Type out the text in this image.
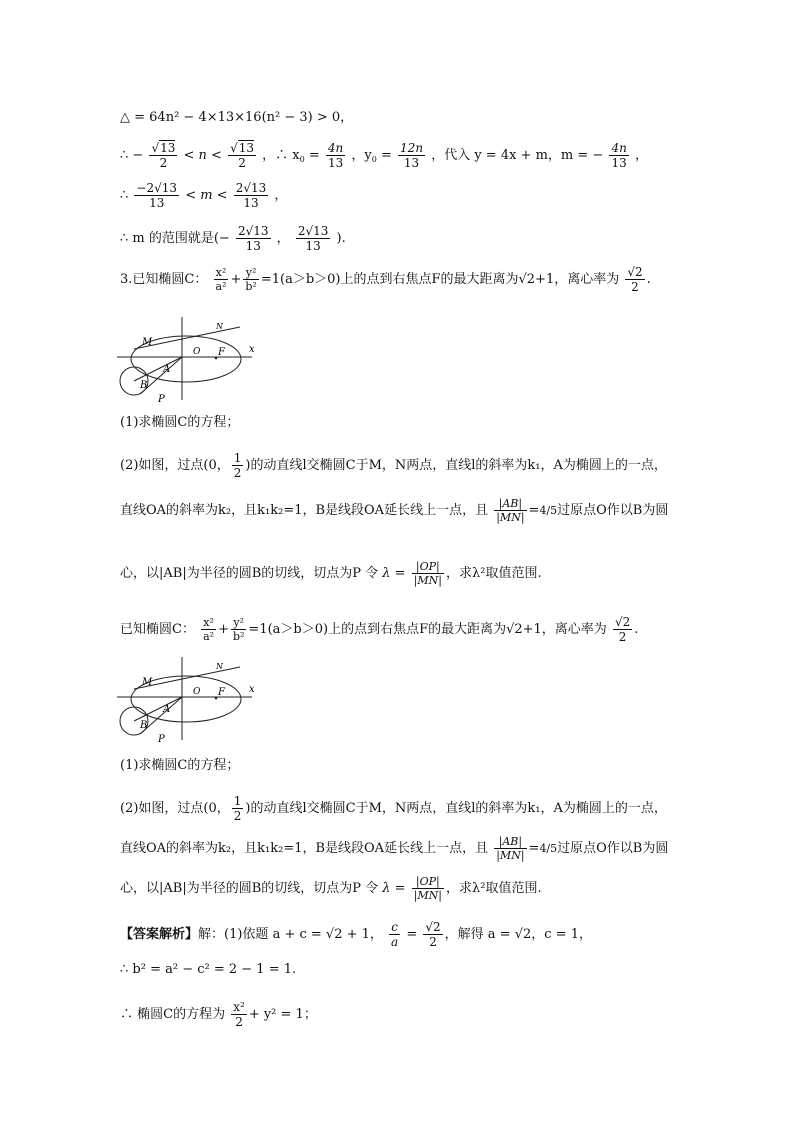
△ = 64n² − 4×13×16(n² − 3) > 0，
∴ − $\frac{√13}{2} < n < \frac{√13}{2}$ ，∴ $x_0 = \frac{4n}{13}$ ，$y_0 = \frac{12n}{13}$ ，代入 y = 4x + m，m = − $\frac{4n}{13}$ ，
∴ $\frac{-2√13}{13} < m < \frac{2√13}{13}$ ，
∴ m 的范围就是(− $\frac{2√13}{13}$ ， $\frac{2√13}{13}$ ).
3.已知椭圆C： $\frac{\text{x²}}{\text{a²}} + \frac{\text{y²}}{\text{b²}} =1(a>b>0)$上的点到右焦点F的最大距离为√2+1，离心率为 $\frac{√2}{2}$ .
M
N
O F x
A
B
P
(1)求椭圆C的方程；
(2)如图，过点(0， $\frac{1}{2}$ )的动直线l交椭圆C于M，N两点，直线l的斜率为k₁，A为椭圆上的一点，
直线OA的斜率为k₂，且k₁k₂=1，B是线段OA延长线上一点，且 $\frac{|AB|}{|MN|} =4/5$过原点O作以B为圆
心，以|AB|为半径的圆B的切线，切点为P 令 $\lambda = \frac{|OP|}{|MN|}$ ，求λ²取值范围.
已知椭圆C： $\frac{\text{x²}}{\text{a²}} + \frac{\text{y²}}{\text{b²}} =1(a>b>0)$上的点到右焦点F的最大距离为√2+1，离心率为 $\frac{√2}{2}$ .
M
N
O F x
A
B
P
(1)求椭圆C的方程；
(2)如图，过点(0， $\frac{1}{2}$ )的动直线l交椭圆C于M，N两点，直线l的斜率为k₁，A为椭圆上的一点，
直线OA的斜率为k₂，且k₁k₂=1，B是线段OA延长线上一点，且 $\frac{|AB|}{|MN|} =4/5$过原点O作以B为圆
心，以|AB|为半径的圆B的切线，切点为P 令 $\lambda = \frac{|OP|}{|MN|}$ ，求λ²取值范围.
【答案解析】解：(1)依题 a + c = √2 + 1， $\frac{c}{a} = \frac{√2}{2}$ ，解得 a = √2，c = 1，
∴ b² = a² − c² = 2 − 1 = 1.
∴ 椭圆C的方程为 $\frac{\text{x²}}{2} + y^2 = 1$；
